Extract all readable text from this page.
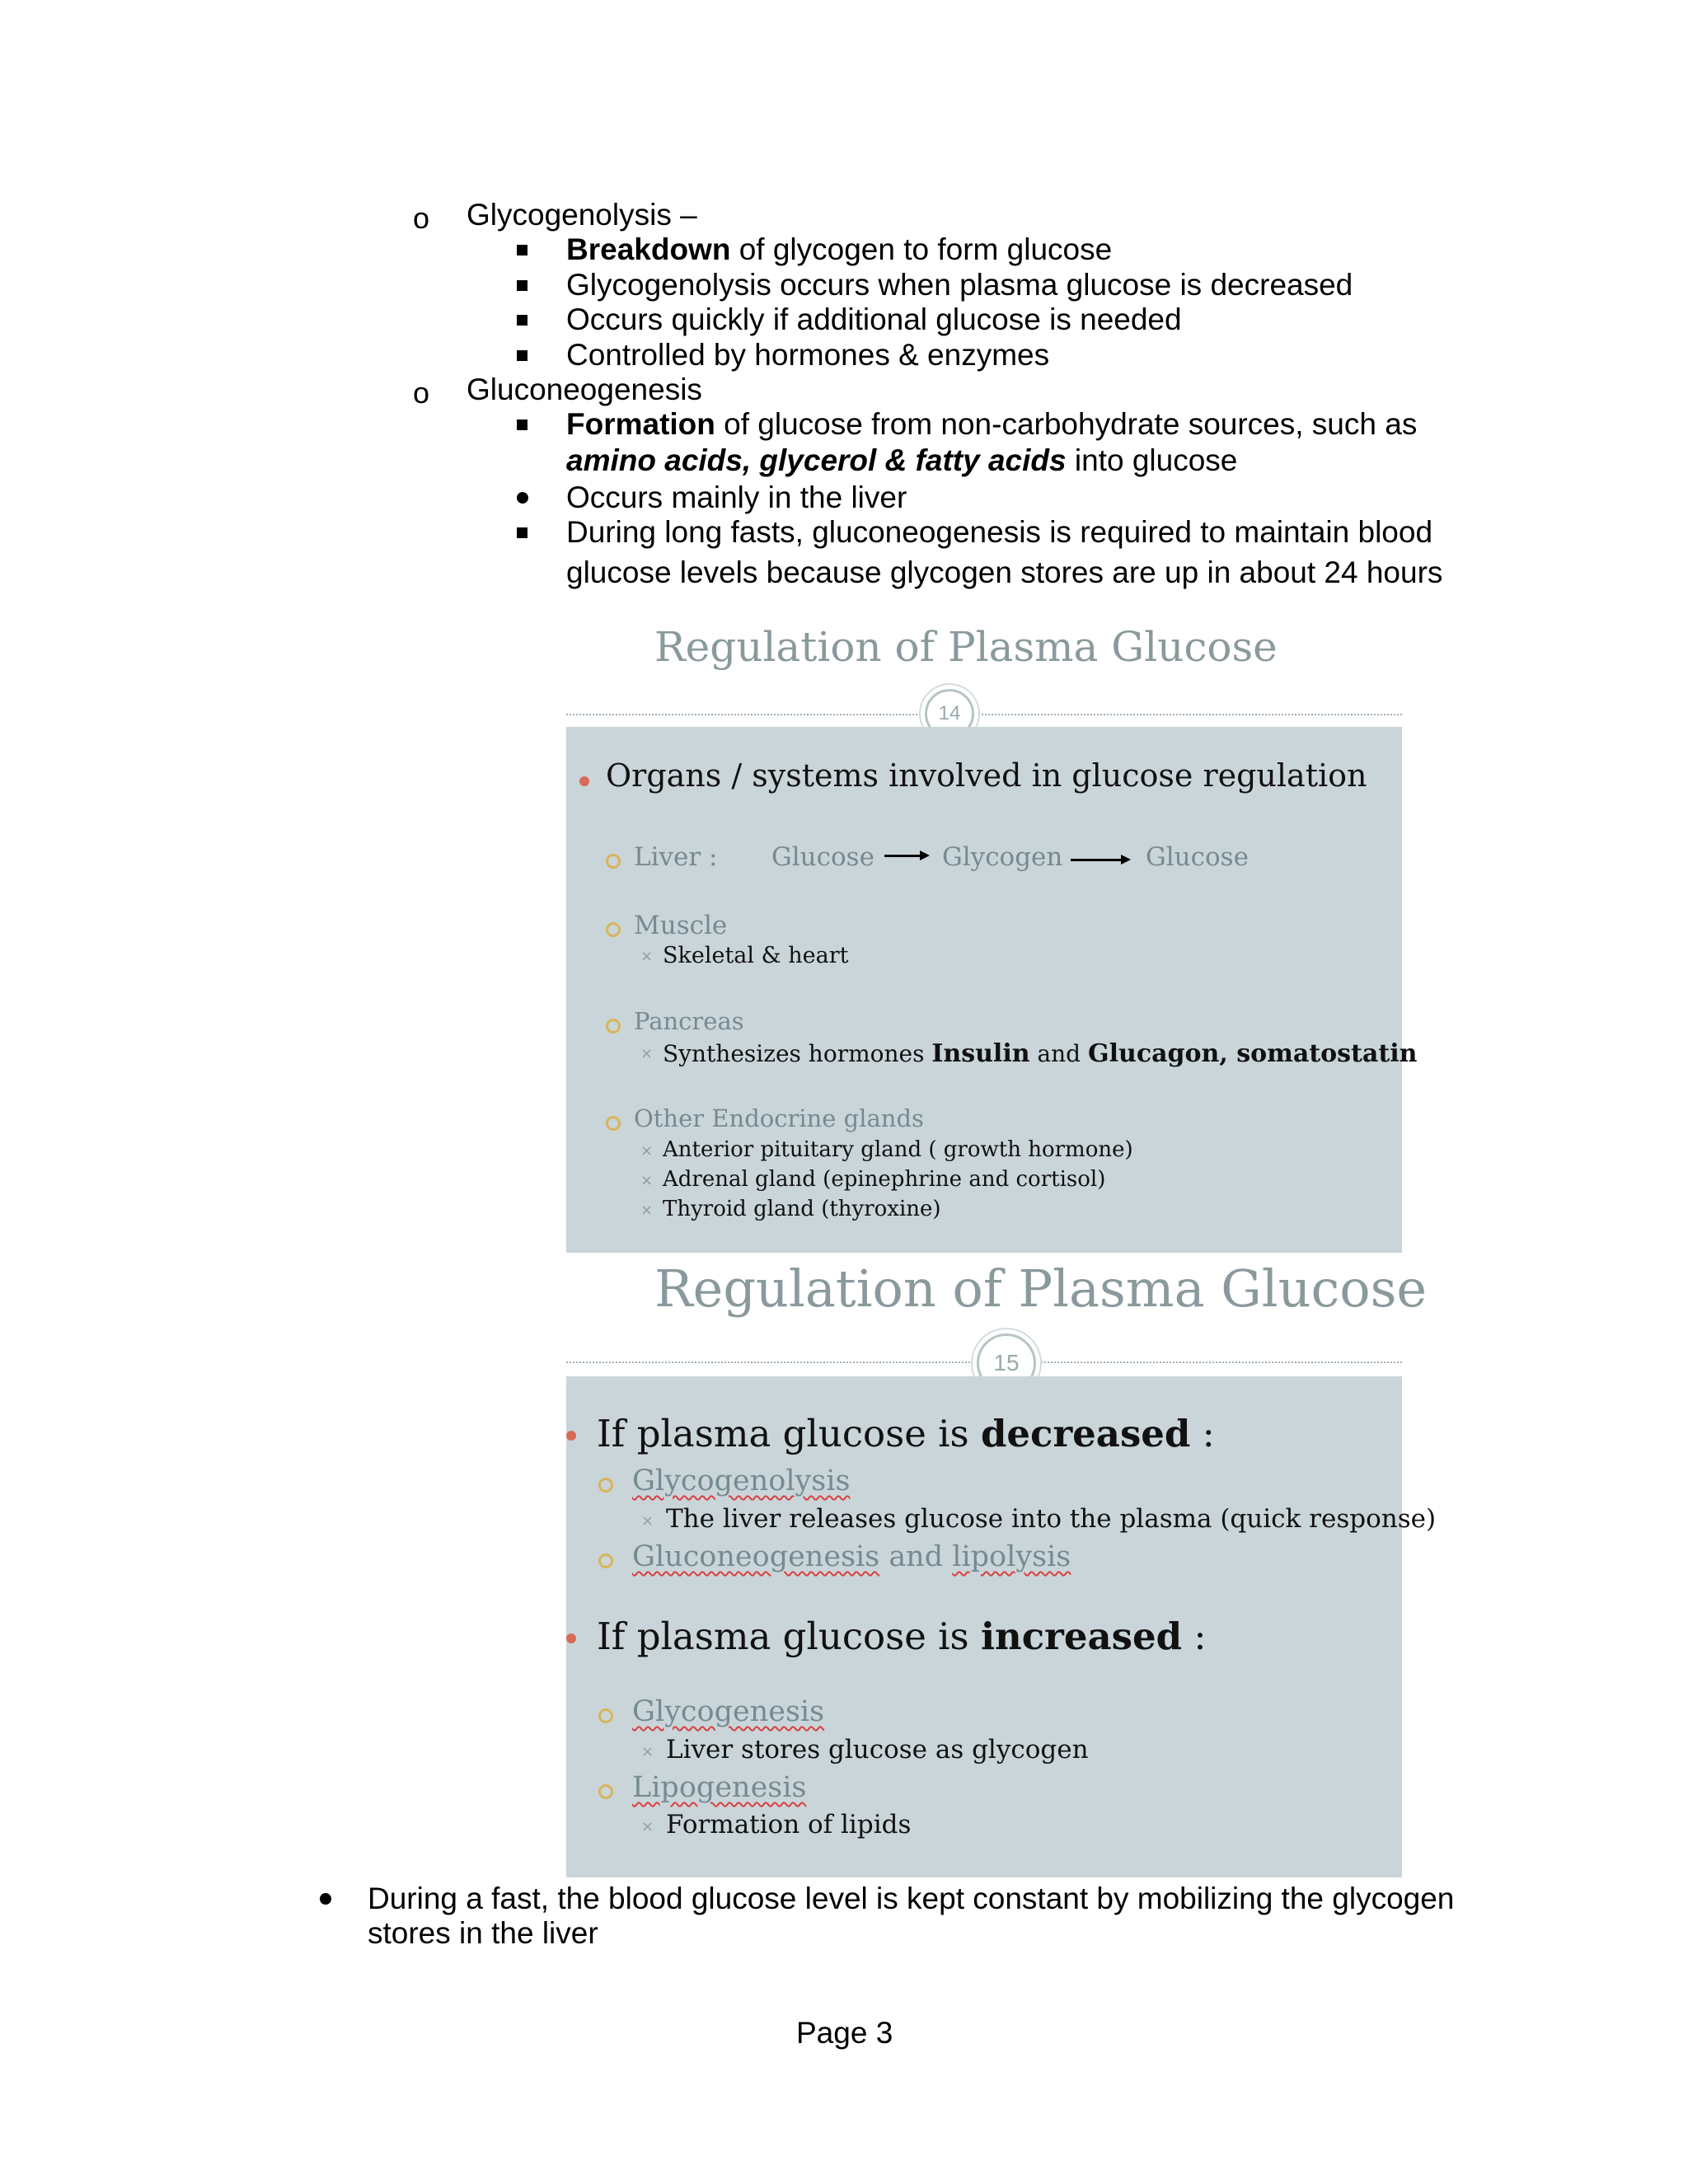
o Glycogenolysis –
Breakdown of glycogen to form glucose
Glycogenolysis occurs when plasma glucose is decreased
Occurs quickly if additional glucose is needed
Controlled by hormones & enzymes
o Gluconeogenesis
Formation of glucose from non-carbohydrate sources, such as
amino acids, glycerol & fatty acids into glucose
Occurs mainly in the liver
During long fasts, gluconeogenesis is required to maintain blood
glucose levels because glycogen stores are up in about 24 hours
Regulation of Plasma Glucose
14
Organs / systems involved in glucose regulation
Liver : Glucose	Glycogen	Glucose
Muscle
× Skeletal & heart
Pancreas
× Synthesizes hormones Insulin and Glucagon, somatostatin
Other Endocrine glands
× Anterior pituitary gland ( growth hormone)
× Adrenal gland (epinephrine and cortisol)
× Thyroid gland (thyroxine)
Regulation of Plasma Glucose
15
If plasma glucose is decreased :
Glycogenolysis
× The liver releases glucose into the plasma (quick response)
Gluconeogenesis and lipolysis
If plasma glucose is increased :
Glycogenesis
× Liver stores glucose as glycogen
Lipogenesis
× Formation of lipids
During a fast, the blood glucose level is kept constant by mobilizing the glycogen
stores in the liver
Page 3
